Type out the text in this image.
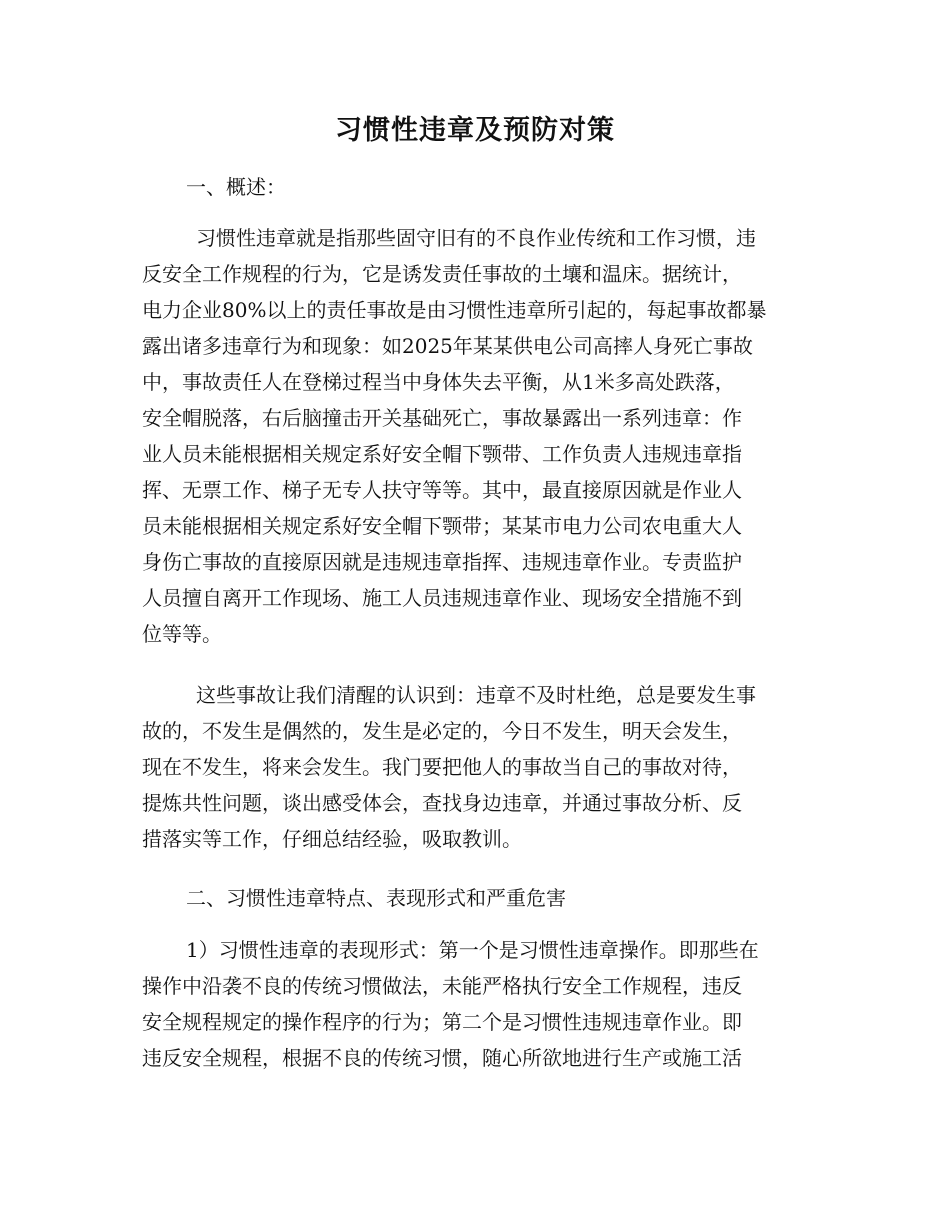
习惯性违章及预防对策
一、概述：
习惯性违章就是指那些固守旧有的不良作业传统和工作习惯，违
反安全工作规程的行为，它是诱发责任事故的土壤和温床。据统计，
电力企业80%以上的责任事故是由习惯性违章所引起的，每起事故都暴
露出诸多违章行为和现象：如2025年某某供电公司高摔人身死亡事故
中，事故责任人在登梯过程当中身体失去平衡，从1米多高处跌落，
安全帽脱落，右后脑撞击开关基础死亡，事故暴露出一系列违章：作
业人员未能根据相关规定系好安全帽下颚带、工作负责人违规违章指
挥、无票工作、梯子无专人扶守等等。其中，最直接原因就是作业人
员未能根据相关规定系好安全帽下颚带；某某市电力公司农电重大人
身伤亡事故的直接原因就是违规违章指挥、违规违章作业。专责监护
人员擅自离开工作现场、施工人员违规违章作业、现场安全措施不到
位等等。
这些事故让我们清醒的认识到：违章不及时杜绝，总是要发生事
故的，不发生是偶然的，发生是必定的，今日不发生，明天会发生，
现在不发生，将来会发生。我门要把他人的事故当自己的事故对待，
提炼共性问题，谈出感受体会，查找身边违章，并通过事故分析、反
措落实等工作，仔细总结经验，吸取教训。
二、习惯性违章特点、表现形式和严重危害
1）习惯性违章的表现形式：第一个是习惯性违章操作。即那些在
操作中沿袭不良的传统习惯做法，未能严格执行安全工作规程，违反
安全规程规定的操作程序的行为；第二个是习惯性违规违章作业。即
违反安全规程，根据不良的传统习惯，随心所欲地进行生产或施工活
